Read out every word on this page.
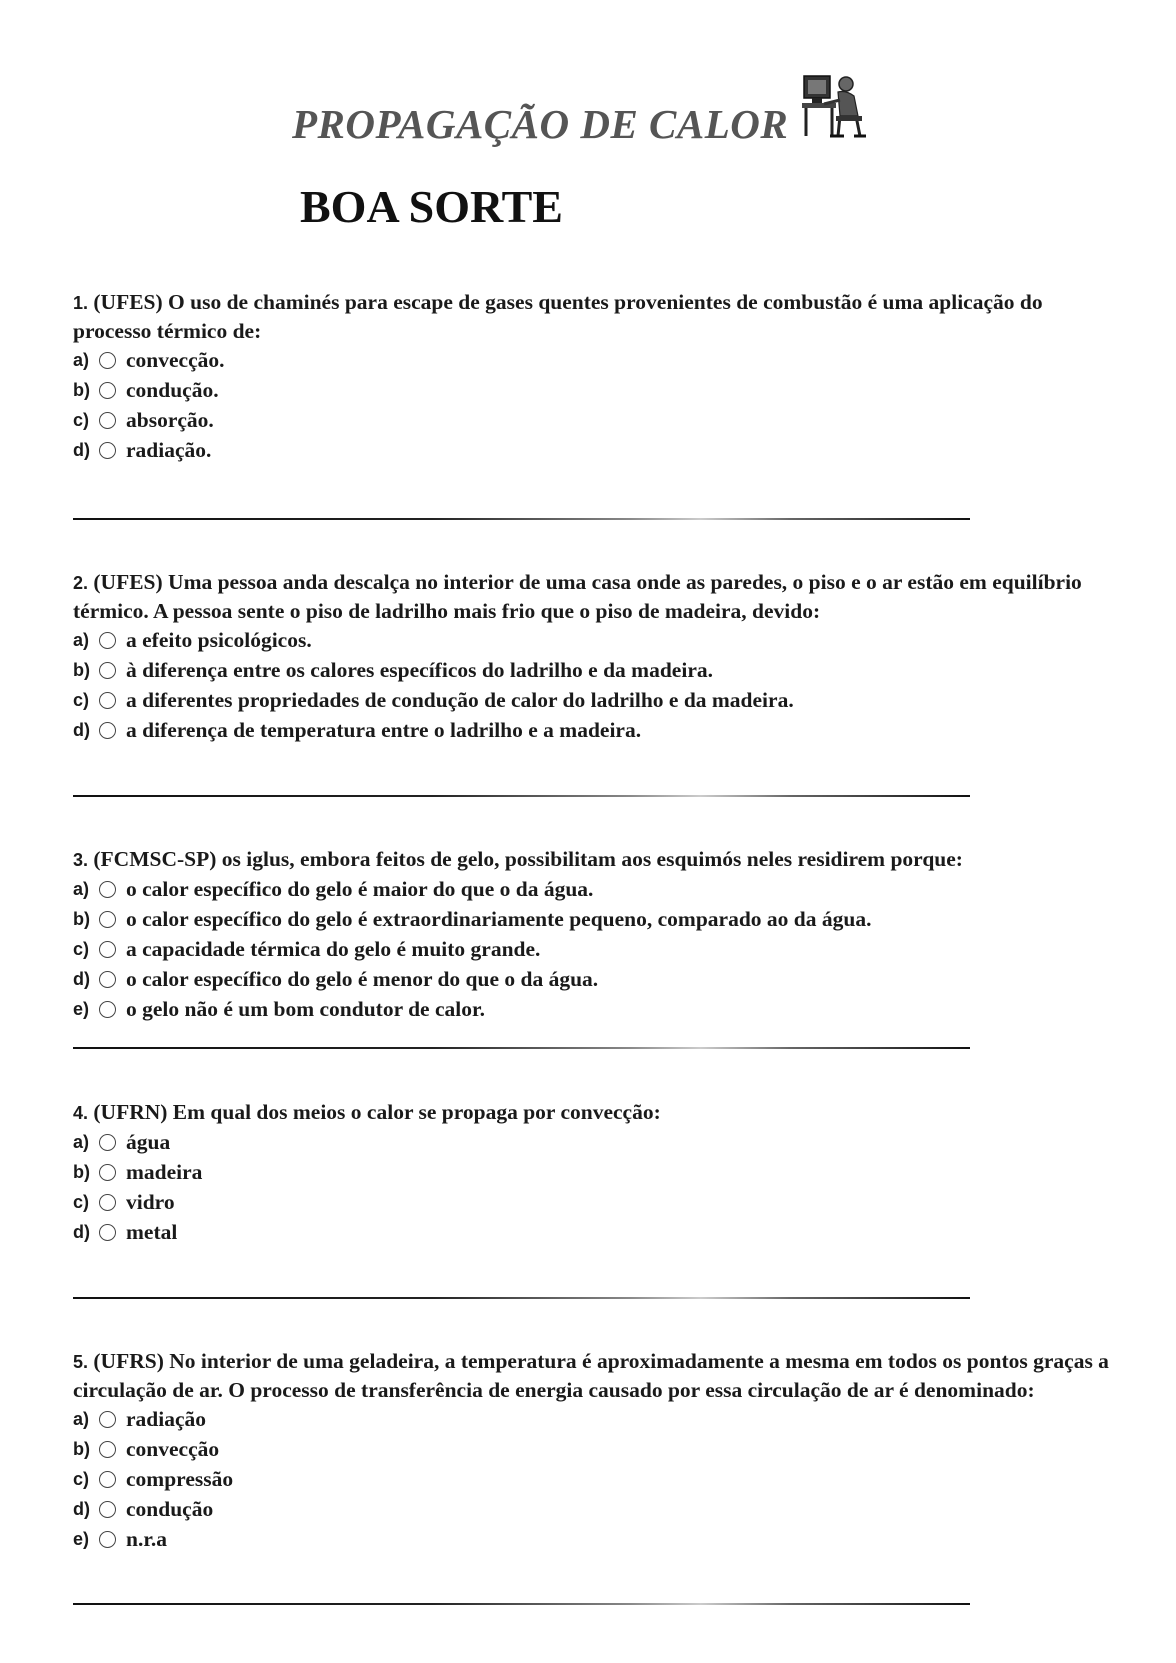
PROPAGAÇÃO DE CALOR
BOA SORTE
1. (UFES) O uso de chaminés para escape de gases quentes provenientes de combustão é uma aplicação do processo térmico de:
a)	convecção.
b)	condução.
c)	absorção.
d)	radiação.
2. (UFES) Uma pessoa anda descalça no interior de uma casa onde as paredes, o piso e o ar estão em equilíbrio térmico. A pessoa sente o piso de ladrilho mais frio que o piso de madeira, devido:
a)	a efeito psicológicos.
b)	à diferença entre os calores específicos do ladrilho e da madeira.
c)	a diferentes propriedades de condução de calor do ladrilho e da madeira.
d)	a diferença de temperatura entre o ladrilho e a madeira.
3. (FCMSC-SP) os iglus, embora feitos de gelo, possibilitam aos esquimós neles residirem porque:
a)	o calor específico do gelo é maior do que o da água.
b)	o calor específico do gelo é extraordinariamente pequeno, comparado ao da água.
c)	a capacidade térmica do gelo é muito grande.
d)	o calor específico do gelo é menor do que o da água.
e)	o gelo não é um bom condutor de calor.
4. (UFRN) Em qual dos meios o calor se propaga por convecção:
a)	água
b)	madeira
c)	vidro
d)	metal
5. (UFRS) No interior de uma geladeira, a temperatura é aproximadamente a mesma em todos os pontos graças a circulação de ar. O processo de transferência de energia causado por essa circulação de ar é denominado:
a)	radiação
b)	convecção
c)	compressão
d)	condução
e)	n.r.a
